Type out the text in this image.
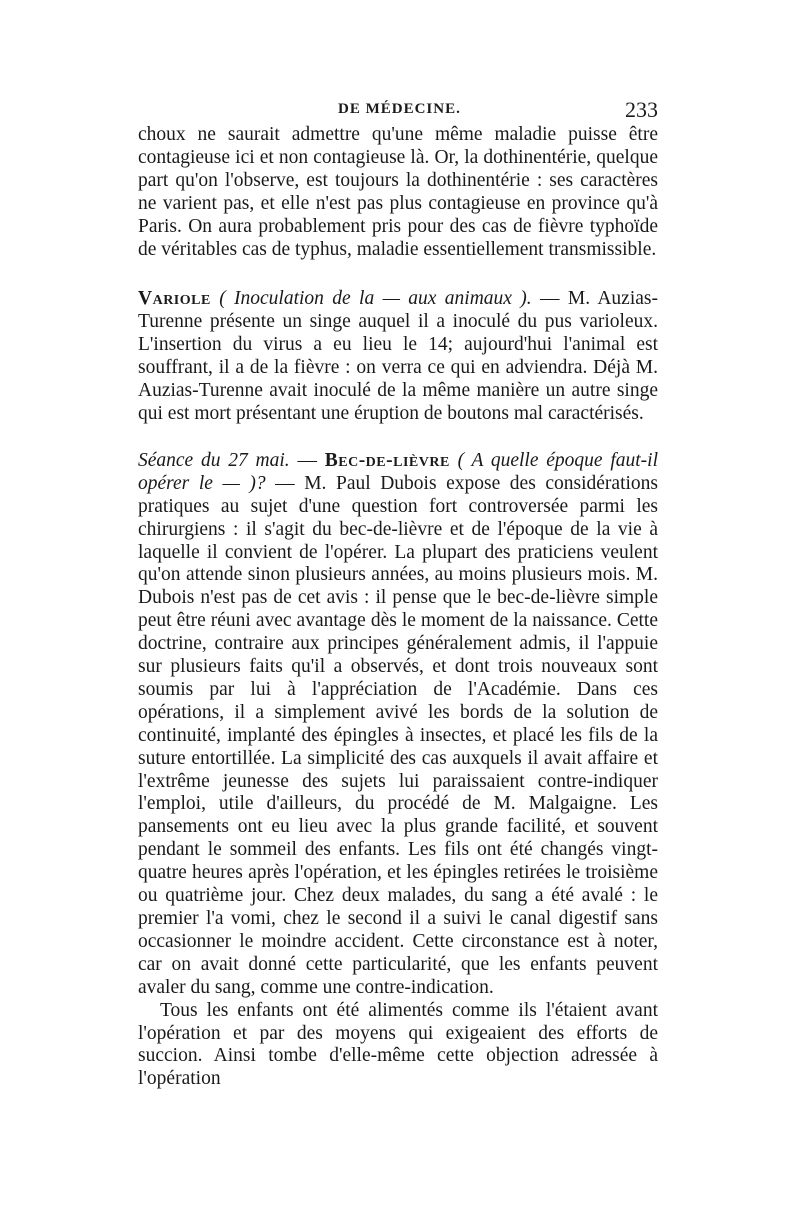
DE MÉDECINE.	233

choux ne saurait admettre qu'une même maladie puisse être contagieuse ici et non contagieuse là. Or, la dothinentérie, quelque part qu'on l'observe, est toujours la dothinentérie : ses caractères ne varient pas, et elle n'est pas plus contagieuse en province qu'à Paris. On aura probablement pris pour des cas de fièvre typhoïde de véritables cas de typhus, maladie essentiellement transmissible.

Variole ( Inoculation de la — aux animaux ). — M. Auzias-Turenne présente un singe auquel il a inoculé du pus varioleux. L'insertion du virus a eu lieu le 14; aujourd'hui l'animal est souffrant, il a de la fièvre : on verra ce qui en adviendra. Déjà M. Auzias-Turenne avait inoculé de la même manière un autre singe qui est mort présentant une éruption de boutons mal caractérisés.

Séance du 27 mai. — Bec-de-lièvre ( A quelle époque faut-il opérer le — )? — M. Paul Dubois expose des considérations pratiques au sujet d'une question fort controversée parmi les chirurgiens : il s'agit du bec-de-lièvre et de l'époque de la vie à laquelle il convient de l'opérer. La plupart des praticiens veulent qu'on attende sinon plusieurs années, au moins plusieurs mois. M. Dubois n'est pas de cet avis : il pense que le bec-de-lièvre simple peut être réuni avec avantage dès le moment de la naissance. Cette doctrine, contraire aux principes généralement admis, il l'appuie sur plusieurs faits qu'il a observés, et dont trois nouveaux sont soumis par lui à l'appréciation de l'Académie. Dans ces opérations, il a simplement avivé les bords de la solution de continuité, implanté des épingles à insectes, et placé les fils de la suture entortillée. La simplicité des cas auxquels il avait affaire et l'extrême jeunesse des sujets lui paraissaient contre-indiquer l'emploi, utile d'ailleurs, du procédé de M. Malgaigne. Les pansements ont eu lieu avec la plus grande facilité, et souvent pendant le sommeil des enfants. Les fils ont été changés vingt-quatre heures après l'opération, et les épingles retirées le troisième ou quatrième jour. Chez deux malades, du sang a été avalé : le premier l'a vomi, chez le second il a suivi le canal digestif sans occasionner le moindre accident. Cette circonstance est à noter, car on avait donné cette particularité, que les enfants peuvent avaler du sang, comme une contre-indication.

Tous les enfants ont été alimentés comme ils l'étaient avant l'opération et par des moyens qui exigeaient des efforts de succion. Ainsi tombe d'elle-même cette objection adressée à l'opération
